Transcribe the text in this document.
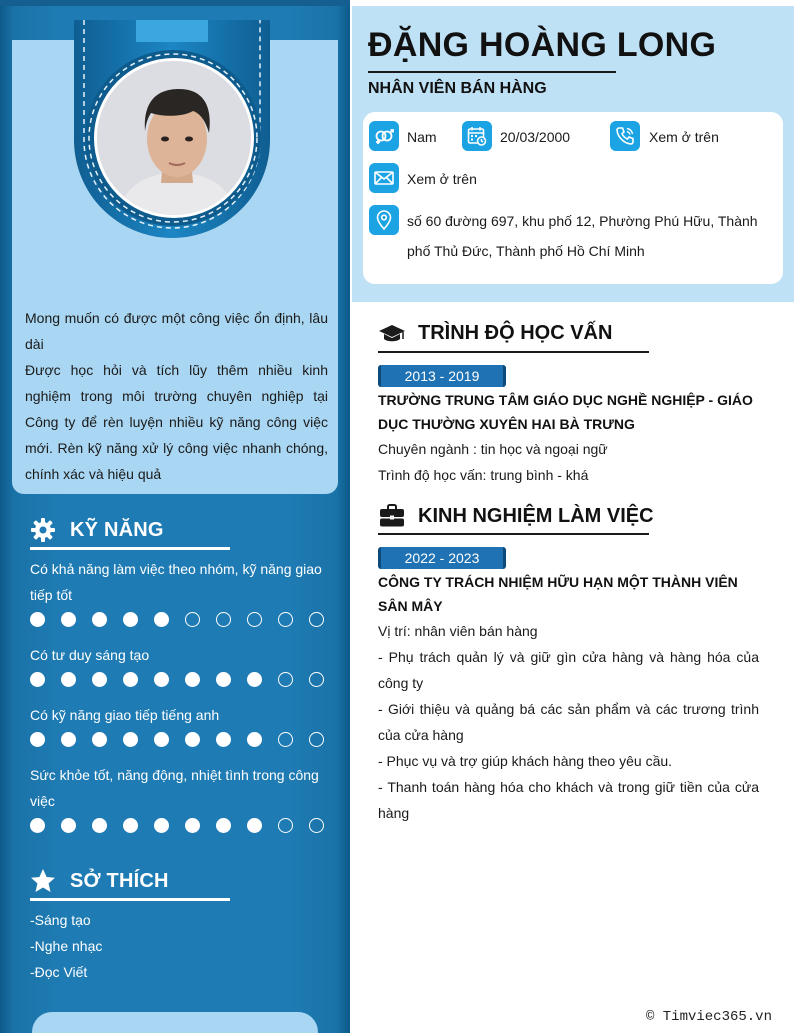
Mong muốn có được một công việc ổn định, lâu dài

Được học hỏi và tích lũy thêm nhiều kinh nghiệm trong môi trường chuyên nghiệp tại Công ty để rèn luyện nhiều kỹ năng công việc mới. Rèn kỹ năng xử lý công việc nhanh chóng, chính xác và hiệu quả

KỸ NĂNG
Có khả năng làm việc theo nhóm, kỹ năng giao tiếp tốt
Có tư duy sáng tạo
Có kỹ năng giao tiếp tiếng anh
Sức khỏe tốt, năng động, nhiệt tình trong công việc
SỞ THÍCH
-Sáng tạo
-Nghe nhạc
-Đọc Viết
ĐẶNG HOÀNG LONG
NHÂN VIÊN BÁN HÀNG
Nam	20/03/2000	Xem ở trên
Xem ở trên
số 60 đường 697, khu phố 12, Phường Phú Hữu, Thành phố Thủ Đức, Thành phố Hồ Chí Minh
TRÌNH ĐỘ HỌC VẤN
2013 - 2019
TRƯỜNG TRUNG TÂM GIÁO DỤC NGHỀ NGHIỆP - GIÁO DỤC THƯỜNG XUYÊN HAI BÀ TRƯNG
Chuyên ngành : tin học và ngoại ngữ
Trình độ học vấn: trung bình - khá
KINH NGHIỆM LÀM VIỆC
2022 - 2023
CÔNG TY TRÁCH NHIỆM HỮU HẠN MỘT THÀNH VIÊN SÂN MÂY
Vị trí: nhân viên bán hàng
- Phụ trách quản lý và giữ gìn cửa hàng và hàng hóa của công ty
- Giới thiệu và quảng bá các sản phẩm và các trương trình của cửa hàng
- Phục vụ và trợ giúp khách hàng theo yêu cầu.
- Thanh toán hàng hóa cho khách và trong giữ tiền của cửa hàng
© Timviec365.vn
